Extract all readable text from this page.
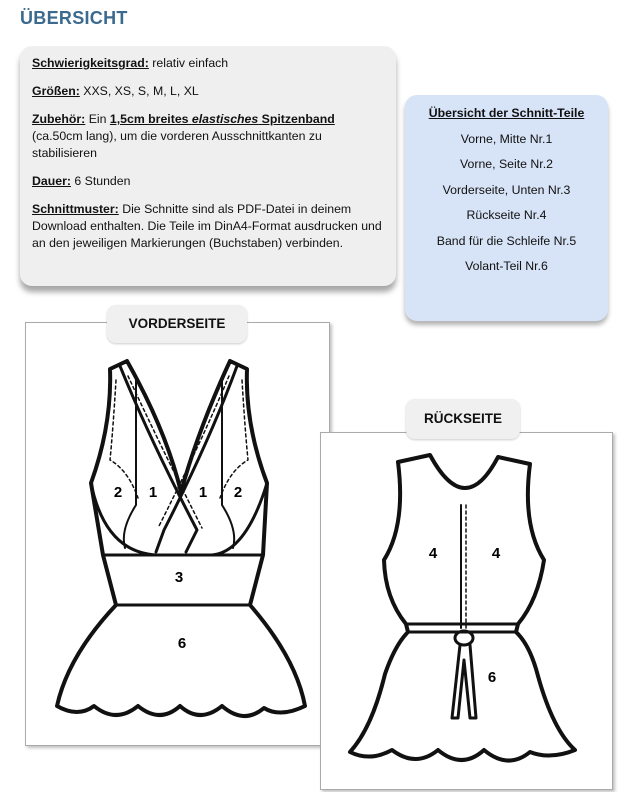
ÜBERSICHT

Schwierigkeitsgrad: relativ einfach

Größen: XXS, XS, S, M, L, XL

Zubehör: Ein 1,5cm breites elastisches Spitzenband (ca.50cm lang), um die vorderen Ausschnittkanten zu stabilisieren

Dauer: 6 Stunden

Schnittmuster: Die Schnitte sind als PDF-Datei in deinem Download enthalten. Die Teile im DinA4-Format ausdrucken und an den jeweiligen Markierungen (Buchstaben) verbinden.

Übersicht der Schnitt-Teile
Vorne, Mitte Nr.1
Vorne, Seite Nr.2
Vorderseite, Unten Nr.3
Rückseite Nr.4
Band für die Schleife Nr.5
Volant-Teil Nr.6
2 1	1 2
3
6
4	4
6
VORDERSEITE
RÜCKSEITE
